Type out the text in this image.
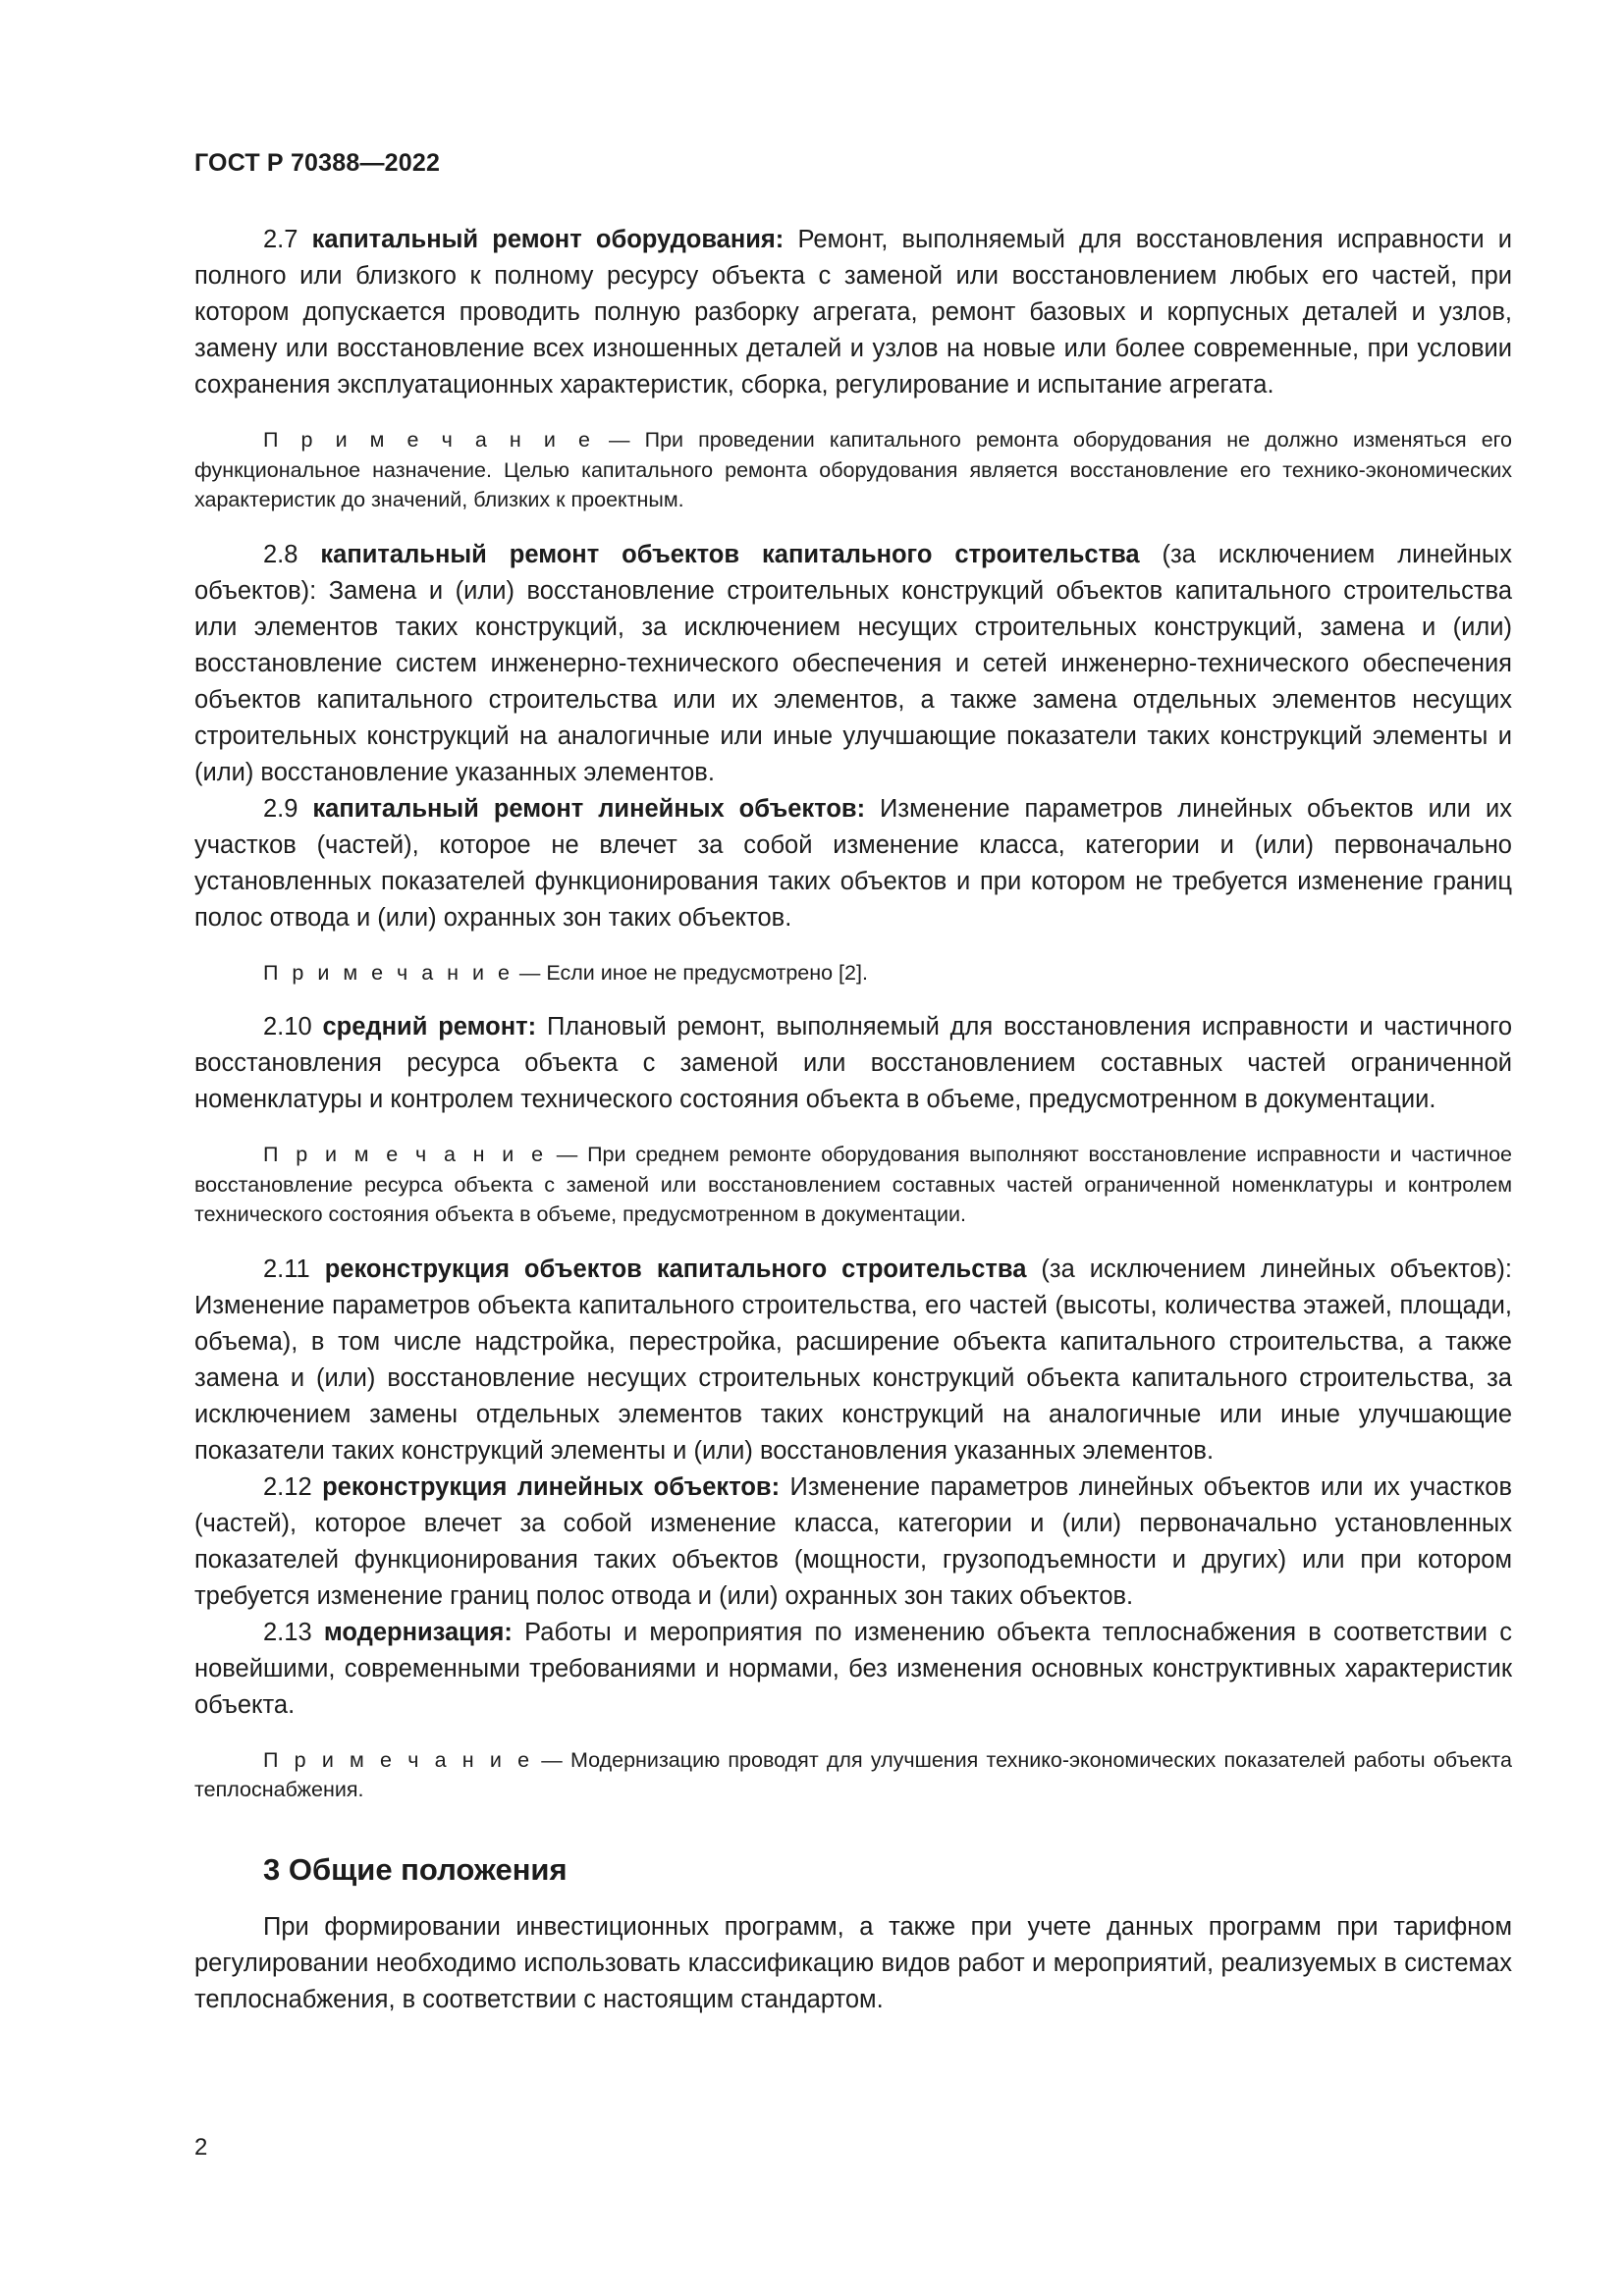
ГОСТ Р 70388—2022

2.7 капитальный ремонт оборудования: Ремонт, выполняемый для восстановления исправности и полного или близкого к полному ресурсу объекта с заменой или восстановлением любых его частей, при котором допускается проводить полную разборку агрегата, ремонт базовых и корпусных деталей и узлов, замену или восстановление всех изношенных деталей и узлов на новые или более современные, при условии сохранения эксплуатационных характеристик, сборка, регулирование и испытание агрегата.

П р и м е ч а н и е — При проведении капитального ремонта оборудования не должно изменяться его функциональное назначение. Целью капитального ремонта оборудования является восстановление его технико-экономических характеристик до значений, близких к проектным.

2.8 капитальный ремонт объектов капитального строительства (за исключением линейных объектов): Замена и (или) восстановление строительных конструкций объектов капитального строительства или элементов таких конструкций, за исключением несущих строительных конструкций, замена и (или) восстановление систем инженерно-технического обеспечения и сетей инженерно-технического обеспечения объектов капитального строительства или их элементов, а также замена отдельных элементов несущих строительных конструкций на аналогичные или иные улучшающие показатели таких конструкций элементы и (или) восстановление указанных элементов.

2.9 капитальный ремонт линейных объектов: Изменение параметров линейных объектов или их участков (частей), которое не влечет за собой изменение класса, категории и (или) первоначально установленных показателей функционирования таких объектов и при котором не требуется изменение границ полос отвода и (или) охранных зон таких объектов.

П р и м е ч а н и е — Если иное не предусмотрено [2].

2.10 средний ремонт: Плановый ремонт, выполняемый для восстановления исправности и частичного восстановления ресурса объекта с заменой или восстановлением составных частей ограниченной номенклатуры и контролем технического состояния объекта в объеме, предусмотренном в документации.

П р и м е ч а н и е — При среднем ремонте оборудования выполняют восстановление исправности и частичное восстановление ресурса объекта с заменой или восстановлением составных частей ограниченной номенклатуры и контролем технического состояния объекта в объеме, предусмотренном в документации.

2.11 реконструкция объектов капитального строительства (за исключением линейных объектов): Изменение параметров объекта капитального строительства, его частей (высоты, количества этажей, площади, объема), в том числе надстройка, перестройка, расширение объекта капитального строительства, а также замена и (или) восстановление несущих строительных конструкций объекта капитального строительства, за исключением замены отдельных элементов таких конструкций на аналогичные или иные улучшающие показатели таких конструкций элементы и (или) восстановления указанных элементов.

2.12 реконструкция линейных объектов: Изменение параметров линейных объектов или их участков (частей), которое влечет за собой изменение класса, категории и (или) первоначально установленных показателей функционирования таких объектов (мощности, грузоподъемности и других) или при котором требуется изменение границ полос отвода и (или) охранных зон таких объектов.

2.13 модернизация: Работы и мероприятия по изменению объекта теплоснабжения в соответствии с новейшими, современными требованиями и нормами, без изменения основных конструктивных характеристик объекта.

П р и м е ч а н и е — Модернизацию проводят для улучшения технико-экономических показателей работы объекта теплоснабжения.

3 Общие положения

При формировании инвестиционных программ, а также при учете данных программ при тарифном регулировании необходимо использовать классификацию видов работ и мероприятий, реализуемых в системах теплоснабжения, в соответствии с настоящим стандартом.

2
